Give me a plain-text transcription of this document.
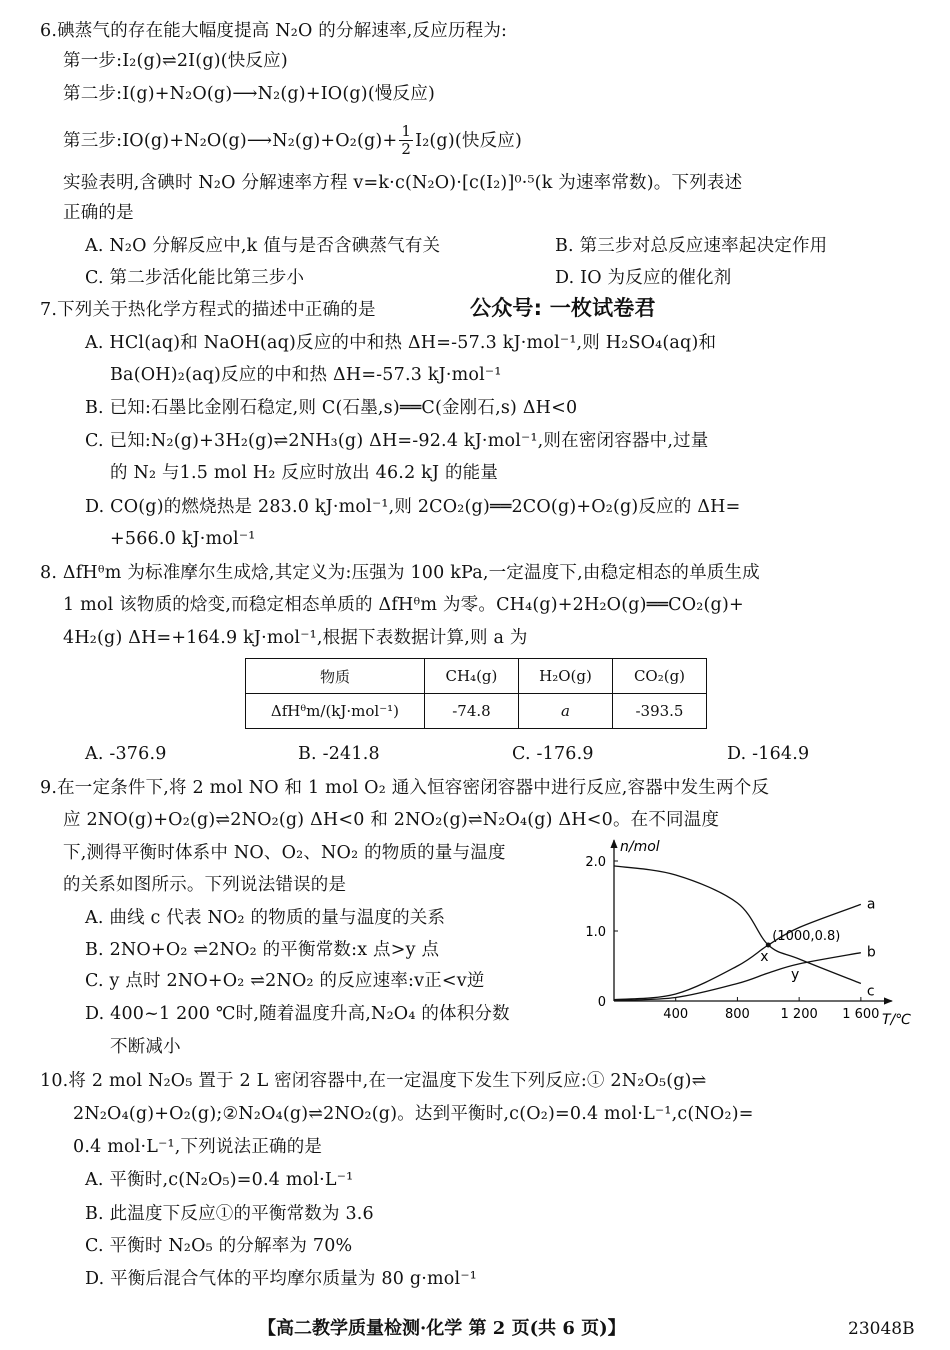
6.碘蒸气的存在能大幅度提高 N₂O 的分解速率,反应历程为:
第一步:I₂(g)⇌2I(g)(快反应)
第二步:I(g)+N₂O(g)⟶N₂(g)+IO(g)(慢反应)
第三步:IO(g)+N₂O(g)⟶N₂(g)+O₂(g)+ $\frac{1}{2} I_2(g)$(快反应)
实验表明,含碘时 N₂O 分解速率方程 v=k·c(N₂O)·[c(I₂)]⁰·⁵(k 为速率常数)。下列表述
正确的是
A. N₂O 分解反应中,k 值与是否含碘蒸气有关	B. 第三步对总反应速率起决定作用
C. 第二步活化能比第三步小	D. IO 为反应的催化剂
7.下列关于热化学方程式的描述中正确的是	公众号: 一枚试卷君
A. HCl(aq)和 NaOH(aq)反应的中和热 ΔH=-57.3 kJ·mol⁻¹,则 H₂SO₄(aq)和
Ba(OH)₂(aq)反应的中和热 ΔH=-57.3 kJ·mol⁻¹
B. 已知:石墨比金刚石稳定,则 C(石墨,s)══C(金刚石,s) ΔH<0
C. 已知:N₂(g)+3H₂(g)⇌2NH₃(g) ΔH=-92.4 kJ·mol⁻¹,则在密闭容器中,过量
的 N₂ 与1.5 mol H₂ 反应时放出 46.2 kJ 的能量
D. CO(g)的燃烧热是 283.0 kJ·mol⁻¹,则 2CO₂(g)══2CO(g)+O₂(g)反应的 ΔH=
+566.0 kJ·mol⁻¹
8. ΔfHᶿm 为标准摩尔生成焓,其定义为:压强为 100 kPa,一定温度下,由稳定相态的单质生成
1 mol 该物质的焓变,而稳定相态单质的 ΔfHᶿm 为零。CH₄(g)+2H₂O(g)══CO₂(g)+
4H₂(g) ΔH=+164.9 kJ·mol⁻¹,根据下表数据计算,则 a 为
物质	CH₄(g)	H₂O(g)	CO₂(g)
ΔfHᶿm/(kJ·mol⁻¹)	-74.8	a	-393.5
A. -376.9	B. -241.8	C. -176.9	D. -164.9
9.在一定条件下,将 2 mol NO 和 1 mol O₂ 通入恒容密闭容器中进行反应,容器中发生两个反
应 2NO(g)+O₂(g)⇌2NO₂(g) ΔH<0 和 2NO₂(g)⇌N₂O₄(g) ΔH<0。在不同温度
下,测得平衡时体系中 NO、O₂、NO₂ 的物质的量与温度
的关系如图所示。下列说法错误的是
A. 曲线 c 代表 NO₂ 的物质的量与温度的关系
B. 2NO+O₂ ⇌2NO₂ 的平衡常数:x 点>y 点
C. y 点时 2NO+O₂ ⇌2NO₂ 的反应速率:v正<v逆
D. 400~1 200 ℃时,随着温度升高,N₂O₄ 的体积分数
不断减小
n/mol
T/℃
400	800 1 200 1 600
0
1.0
2.0
a
b
c
(1000,0.8)
x
y
10.将 2 mol N₂O₅ 置于 2 L 密闭容器中,在一定温度下发生下列反应:① 2N₂O₅(g)⇌
2N₂O₄(g)+O₂(g);②N₂O₄(g)⇌2NO₂(g)。达到平衡时,c(O₂)=0.4 mol·L⁻¹,c(NO₂)=
0.4 mol·L⁻¹,下列说法正确的是
A. 平衡时,c(N₂O₅)=0.4 mol·L⁻¹
B. 此温度下反应①的平衡常数为 3.6
C. 平衡时 N₂O₅ 的分解率为 70%
D. 平衡后混合气体的平均摩尔质量为 80 g·mol⁻¹
【高二教学质量检测·化学 第 2 页(共 6 页)】	23048B
